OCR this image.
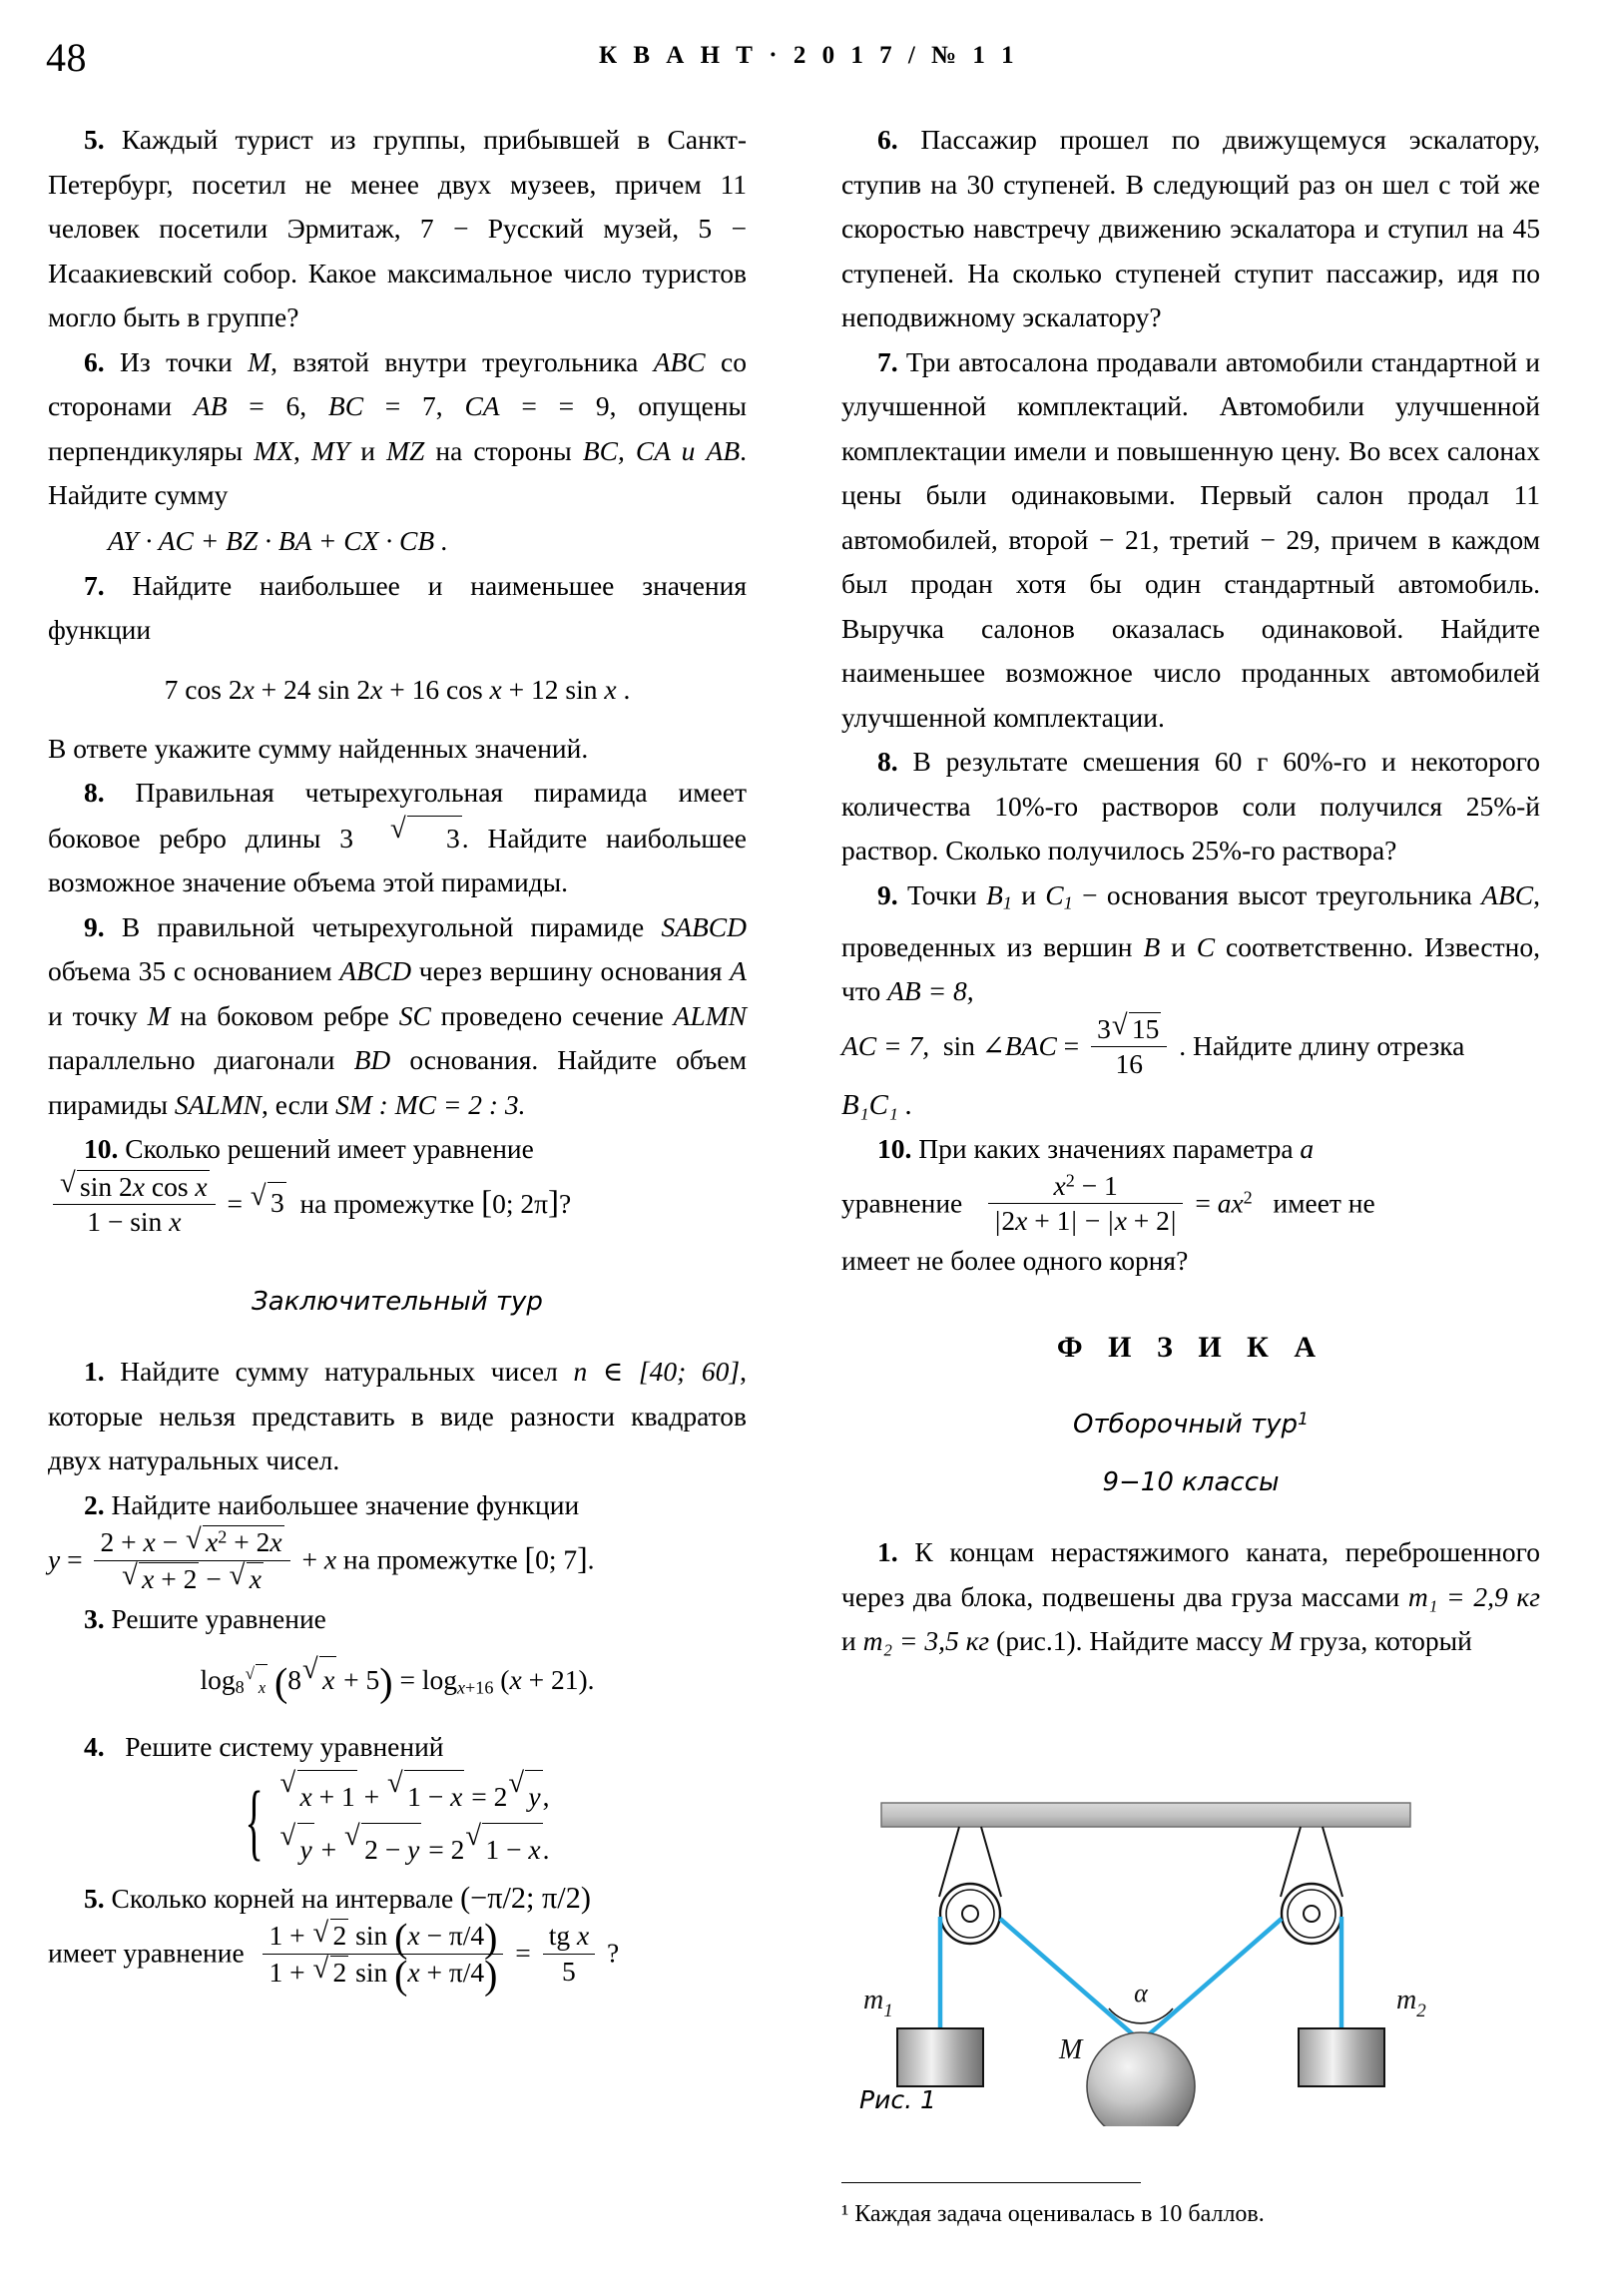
48	К В А Н Т · 2 0 1 7 / № 1 1

5. Каждый турист из группы, прибывшей в Санкт-Петербург, посетил не менее двух музеев, причем 11 человек посетили Эрмитаж, 7 − Русский музей, 5 − Исаакиевский собор. Какое максимальное число туристов могло быть в группе?

6. Из точки M, взятой внутри треугольника ABC со сторонами AB = 6, BC = 7, CA = = 9, опущены перпендикуляры MX, MY и MZ на стороны BC, CA и AB. Найдите сумму

AY · AC + BZ · BA + CX · CB .

7. Найдите наибольшее и наименьшее значения функции

7 cos 2x + 24 sin 2x + 16 cos x + 12 sin x .

В ответе укажите сумму найденных значений.

8. Правильная четырехугольная пирамида имеет боковое ребро длины 3	√ 3. Найдите наибольшее возможное значение объема этой пирамиды.

9. В правильной четырехугольной пирамиде SABCD объема 35 с основанием ABCD через вершину основания A и точку M на боковом ребре SC проведено сечение ALMN параллельно диагонали BD основания. Найдите объем пирамиды SALMN, если SM : MC = 2 : 3.

10. Сколько решений имеет уравнение

$\frac{\text{√ sin 2x cos x}}{\text{1 − sin x}}$ = √ 3  на промежутке [0; 2π]?

Заключительный тур

1. Найдите сумму натуральных чисел n ∈ [40; 60], которые нельзя представить в виде разности квадратов двух натуральных чисел.

2. Найдите наибольшее значение функции

$y = \frac{2 + x - √ x^2 + 2x}{√ x + 2 - √ x} + x$ на промежутке [0; 7].

3. Решите уравнение

$\log_{8 √ x} (8$ √ $x + 5) = \log_{x+16} (x + 21)$.

4. Решите систему уравнений

{ √ x + 1 + √ 1 − x = 2 √ y,
√ y + √ 2 − y = 2 √ 1 − x.

5. Сколько корней на интервале (−π/2; π/2)

имеет уравнение $\frac{1 + √ 2 \sin (x - \pi/4)}{1 + √ 2 \sin (x + \pi/4)} = \frac{\text{tg x}}{5}$ ?

6. Пассажир прошел по движущемуся эскалатору, ступив на 30 ступеней. В следующий раз он шел с той же скоростью навстречу движению эскалатора и ступил на 45 ступеней. На сколько ступеней ступит пассажир, идя по неподвижному эскалатору?

7. Три автосалона продавали автомобили стандартной и улучшенной комплектаций. Автомобили улучшенной комплектации имели и повышенную цену. Во всех салонах цены были одинаковыми. Первый салон продал 11 автомобилей, второй − 21, третий − 29, причем в каждом был продан хотя бы один стандартный автомобиль. Выручка салонов оказалась одинаковой. Найдите наименьшее возможное число проданных автомобилей улучшенной комплектации.

8. В результате смешения 60 г 60%-го и некоторого количества 10%-го растворов соли получился 25%-й раствор. Сколько получилось 25%-го раствора?

9. Точки $B_1$ и $C_1$ − основания высот треугольника ABC, проведенных из вершин B и C соответственно. Известно, что AB = 8,

AC = 7, sin ∠BAC = $\frac{3 √ 15}{16}$ . Найдите длину отрезка

B₁C₁ .

10. При каких значениях параметра a

уравнение $\frac{x^2 - 1}{|2x + 1| - |x + 2|} = ax^2$   имеет не

имеет не более одного корня?

Ф И З И К А

Отборочный тур$^1$

9−10 классы

1. К концам нерастяжимого каната, переброшенного через два блока, подвешены два груза массами m₁ = 2,9 кг и m₂ = 3,5 кг (рис.1). Найдите массу M груза, который

α
$m_1$	$m_2$
M
Рис. 1
¹ Каждая задача оценивалась в 10 баллов.
